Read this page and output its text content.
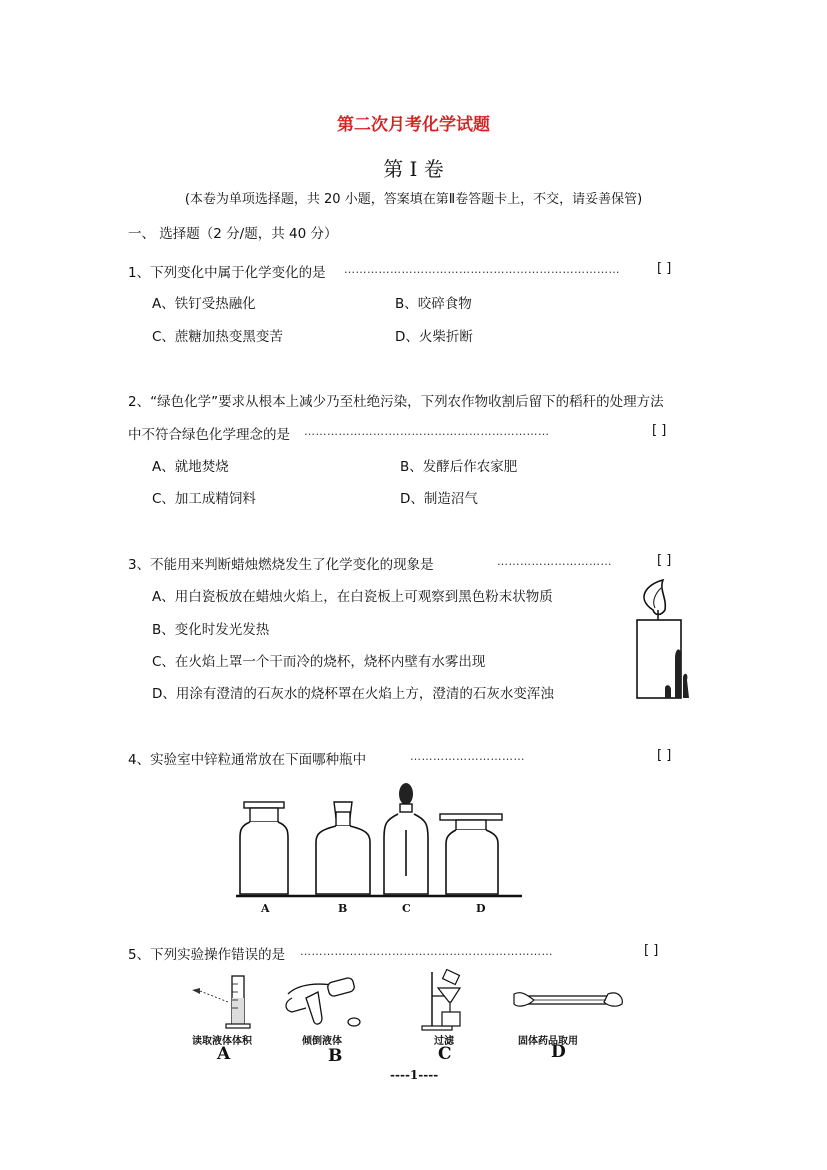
第二次月考化学试题
第 I 卷
(本卷为单项选择题，共 20 小题，答案填在第Ⅱ卷答题卡上，不交，请妥善保管)
一、 选择题（2 分/题，共 40 分）
1、下列变化中属于化学变化的是 ………………………………………………………………	[ ]
A、铁钉受热融化	B、咬碎食物
C、蔗糖加热变黑变苦	D、火柴折断
2、“绿色化学”要求从根本上减少乃至杜绝污染，下列农作物收割后留下的稻秆的处理方法
中不符合绿色化学理念的是 ………………….……………………………………	[ ]
A、就地焚烧	B、发酵后作农家肥
C、加工成精饲料	D、制造沼气
3、不能用来判断蜡烛燃烧发生了化学变化的现象是	…………………………	[ ]
A、用白瓷板放在蜡烛火焰上，在白瓷板上可观察到黑色粉末状物质
B、变化时发光发热
C、在火焰上罩一个干而冷的烧杯，烧杯内壁有水雾出现
D、用涂有澄清的石灰水的烧杯罩在火焰上方，澄清的石灰水变浑浊
4、实验室中锌粒通常放在下面哪种瓶中	…………………………	[ ]
A	B	C	D
5、下列实验操作错误的是 …………………………………………………………	[ ]
读取液体体积	倾倒液体	过滤	固体药品取用
A	B	C	D
----1----
